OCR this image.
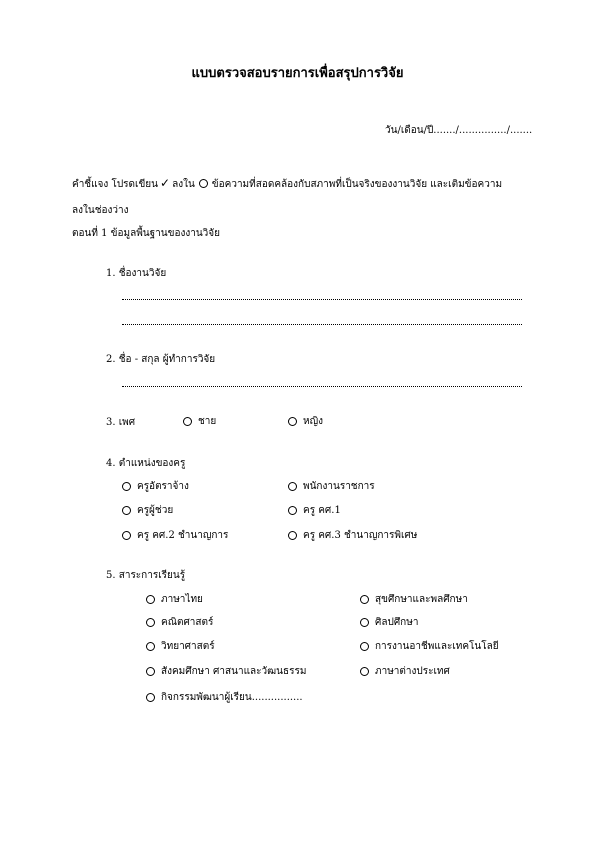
แบบตรวจสอบรายการเพื่อสรุปการวิจัย
วัน/เดือน/ปี......./.............../.......
คำชี้แจง โปรดเขียน ✓ ลงใน ข้อความที่สอดคล้องกับสภาพที่เป็นจริงของงานวิจัย และเติมข้อความ
ลงในช่องว่าง
ตอนที่ 1 ข้อมูลพื้นฐานของงานวิจัย
1. ชื่องานวิจัย
2. ชื่อ - สกุล ผู้ทำการวิจัย
3. เพศ	ชาย	หญิง
4. ตำแหน่งของครู
ครูอัตราจ้าง	พนักงานราชการ
ครูผู้ช่วย	ครู คศ.1
ครู คศ.2 ชำนาญการ	ครู คศ.3 ชำนาญการพิเศษ
5. สาระการเรียนรู้
ภาษาไทย	สุขศึกษาและพลศึกษา
คณิตศาสตร์	ศิลปศึกษา
วิทยาศาสตร์	การงานอาชีพและเทคโนโลยี
สังคมศึกษา ศาสนาและวัฒนธรรม	ภาษาต่างประเทศ
กิจกรรมพัฒนาผู้เรียน................
